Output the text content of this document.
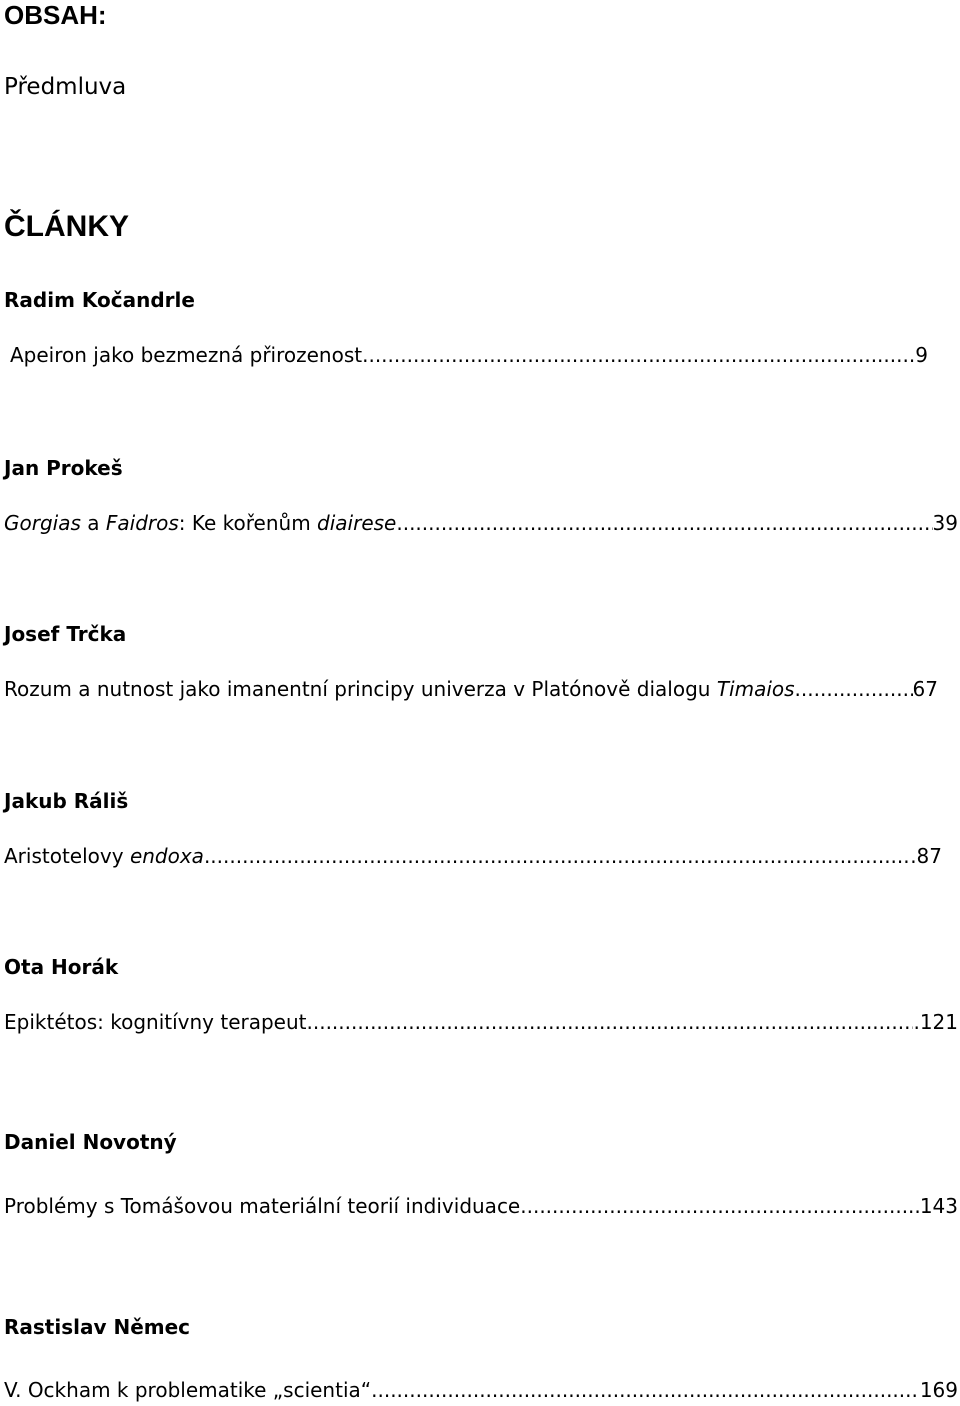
OBSAH:
Předmluva
ČLÁNKY
Radim Kočandrle
Apeiron jako bezmezná přirozenost .....	9
Jan Prokeš
Gorgias a Faidros: Ke kořenům diairese .....	39
Josef Trčka
Rozum a nutnost jako imanentní principy univerza v Platónově dialogu Timaios .....	67
Jakub Ráliš
Aristotelovy endoxa .....	.87
Ota Horák
Epiktétos: kognitívny terapeut .....	.121
Daniel Novotný
Problémy s Tomášovou materiální teorií individuace .....	143
Rastislav Němec
V. Ockham k problematike „scientia“ .....	169
